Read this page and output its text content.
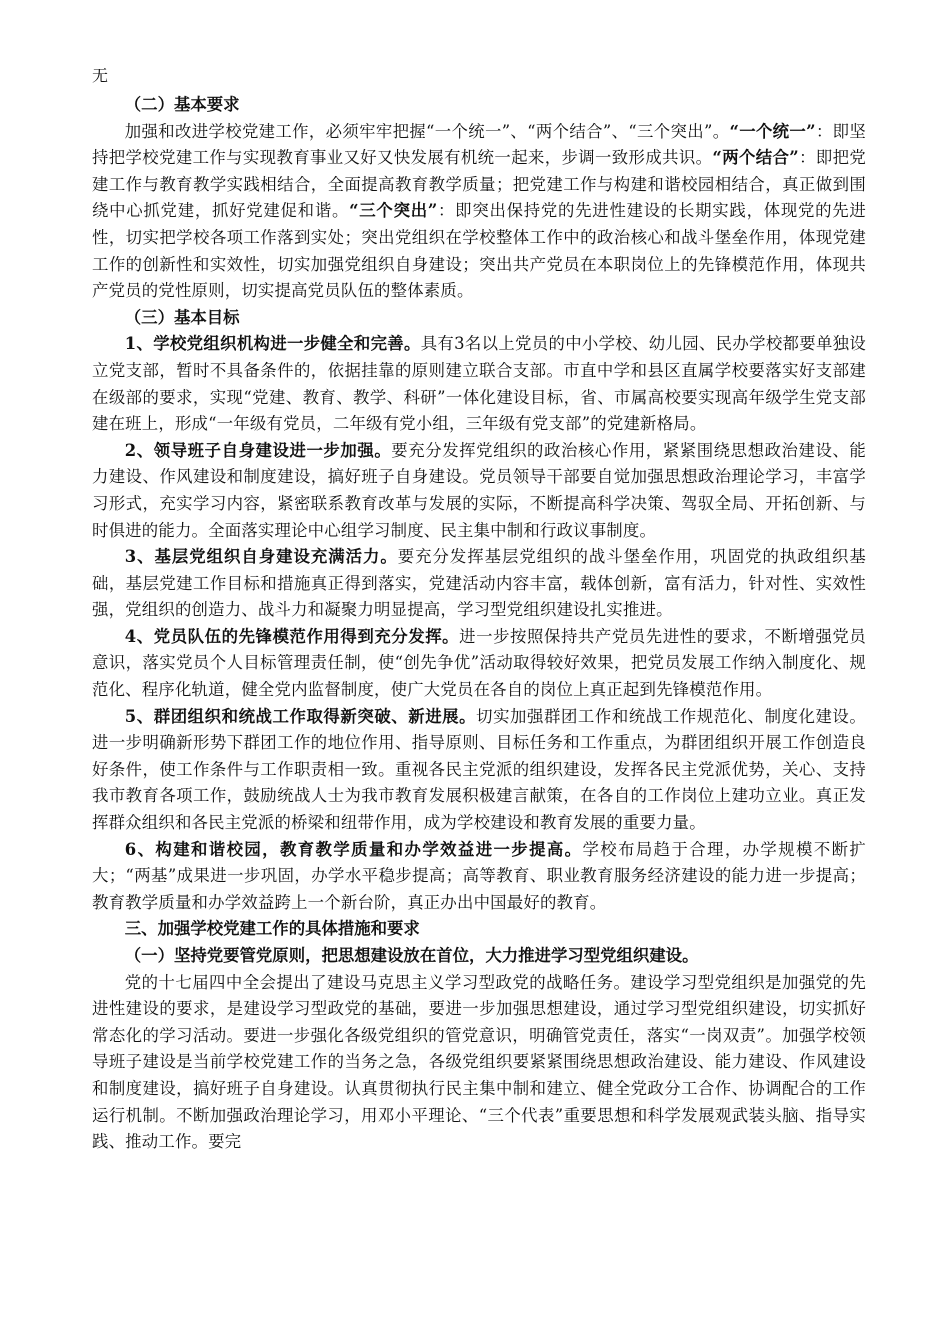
无

（二）基本要求

加强和改进学校党建工作，必须牢牢把握“一个统一”、“两个结合”、“三个突出”。“一个统一”：即坚持把学校党建工作与实现教育事业又好又快发展有机统一起来，步调一致形成共识。“两个结合”：即把党建工作与教育教学实践相结合，全面提高教育教学质量；把党建工作与构建和谐校园相结合，真正做到围绕中心抓党建，抓好党建促和谐。“三个突出”：即突出保持党的先进性建设的长期实践，体现党的先进性，切实把学校各项工作落到实处；突出党组织在学校整体工作中的政治核心和战斗堡垒作用，体现党建工作的创新性和实效性，切实加强党组织自身建设；突出共产党员在本职岗位上的先锋模范作用，体现共产党员的党性原则，切实提高党员队伍的整体素质。

（三）基本目标

1、学校党组织机构进一步健全和完善。具有3名以上党员的中小学校、幼儿园、民办学校都要单独设立党支部，暂时不具备条件的，依据挂靠的原则建立联合支部。市直中学和县区直属学校要落实好支部建在级部的要求，实现“党建、教育、教学、科研”一体化建设目标，省、市属高校要实现高年级学生党支部建在班上，形成“一年级有党员，二年级有党小组，三年级有党支部”的党建新格局。

2、领导班子自身建设进一步加强。要充分发挥党组织的政治核心作用，紧紧围绕思想政治建设、能力建设、作风建设和制度建设，搞好班子自身建设。党员领导干部要自觉加强思想政治理论学习，丰富学习形式，充实学习内容，紧密联系教育改革与发展的实际，不断提高科学决策、驾驭全局、开拓创新、与时俱进的能力。全面落实理论中心组学习制度、民主集中制和行政议事制度。

3、基层党组织自身建设充满活力。要充分发挥基层党组织的战斗堡垒作用，巩固党的执政组织基础，基层党建工作目标和措施真正得到落实，党建活动内容丰富，载体创新，富有活力，针对性、实效性强，党组织的创造力、战斗力和凝聚力明显提高，学习型党组织建设扎实推进。

4、党员队伍的先锋模范作用得到充分发挥。进一步按照保持共产党员先进性的要求，不断增强党员意识，落实党员个人目标管理责任制，使“创先争优”活动取得较好效果，把党员发展工作纳入制度化、规范化、程序化轨道，健全党内监督制度，使广大党员在各自的岗位上真正起到先锋模范作用。

5、群团组织和统战工作取得新突破、新进展。切实加强群团工作和统战工作规范化、制度化建设。进一步明确新形势下群团工作的地位作用、指导原则、目标任务和工作重点，为群团组织开展工作创造良好条件，使工作条件与工作职责相一致。重视各民主党派的组织建设，发挥各民主党派优势，关心、支持我市教育各项工作，鼓励统战人士为我市教育发展积极建言献策，在各自的工作岗位上建功立业。真正发挥群众组织和各民主党派的桥梁和纽带作用，成为学校建设和教育发展的重要力量。

6、构建和谐校园，教育教学质量和办学效益进一步提高。学校布局趋于合理，办学规模不断扩大；“两基”成果进一步巩固，办学水平稳步提高；高等教育、职业教育服务经济建设的能力进一步提高；教育教学质量和办学效益跨上一个新台阶，真正办出中国最好的教育。

三、加强学校党建工作的具体措施和要求

（一）坚持党要管党原则，把思想建设放在首位，大力推进学习型党组织建设。

党的十七届四中全会提出了建设马克思主义学习型政党的战略任务。建设学习型党组织是加强党的先进性建设的要求，是建设学习型政党的基础，要进一步加强思想建设，通过学习型党组织建设，切实抓好常态化的学习活动。要进一步强化各级党组织的管党意识，明确管党责任，落实“一岗双责”。加强学校领导班子建设是当前学校党建工作的当务之急，各级党组织要紧紧围绕思想政治建设、能力建设、作风建设和制度建设，搞好班子自身建设。认真贯彻执行民主集中制和建立、健全党政分工合作、协调配合的工作运行机制。不断加强政治理论学习，用邓小平理论、“三个代表”重要思想和科学发展观武装头脑、指导实践、推动工作。要完
